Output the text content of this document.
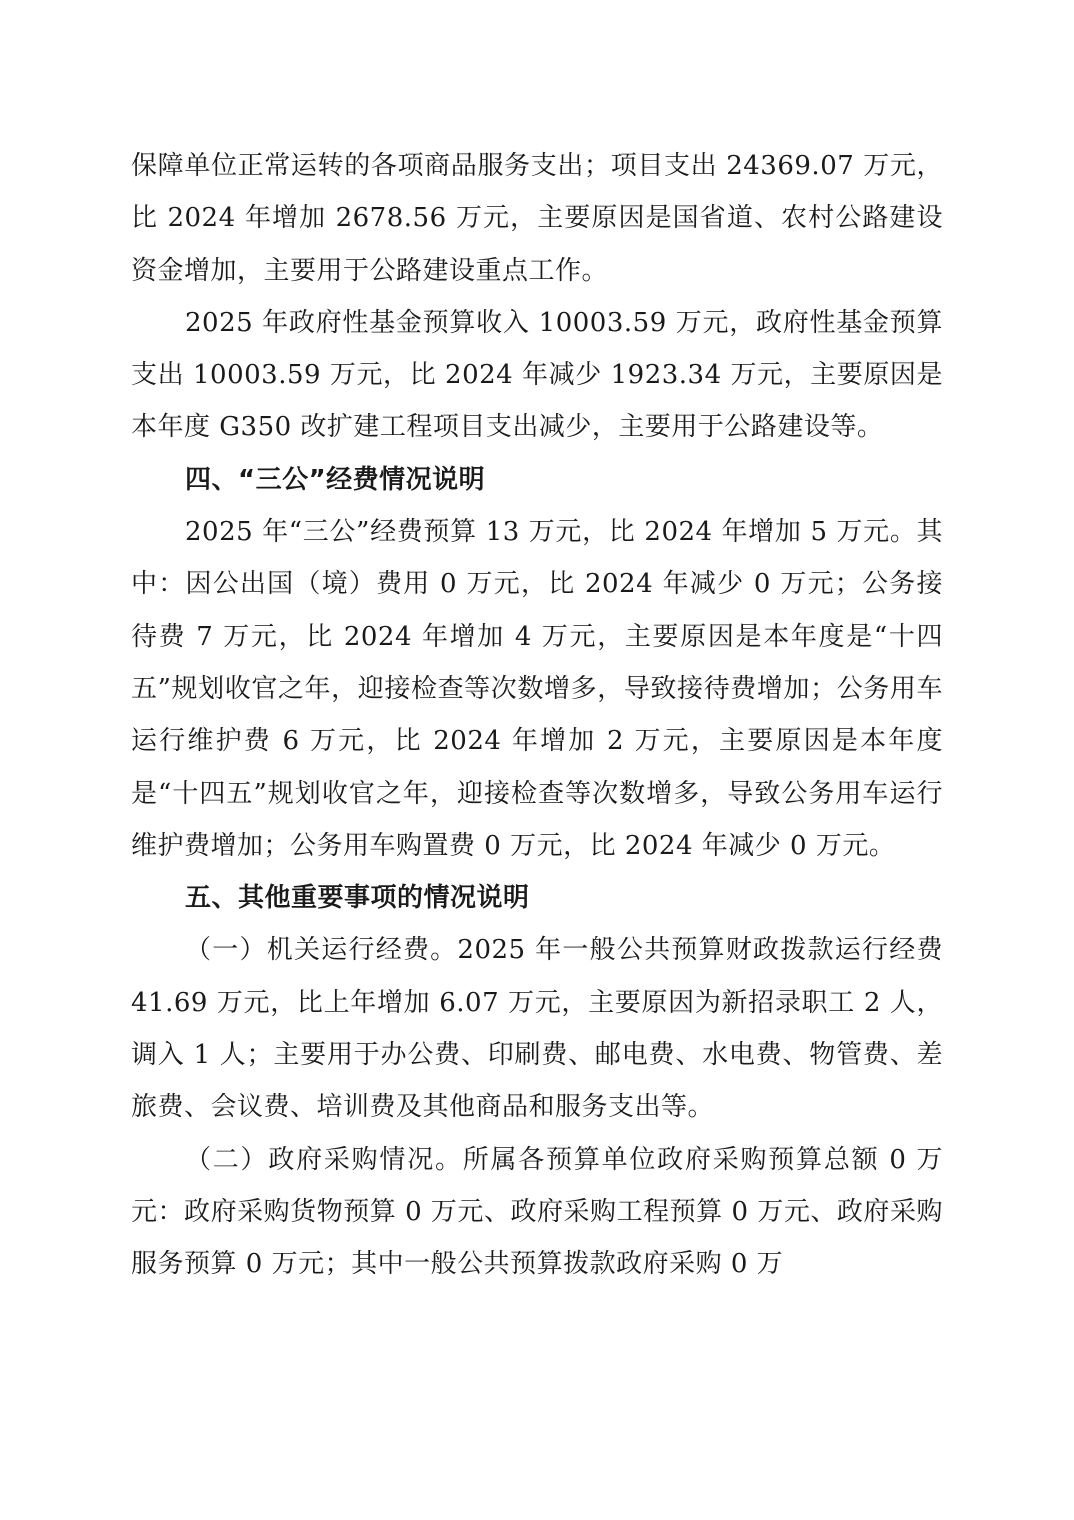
保障单位正常运转的各项商品服务支出；项目支出 24369.07 万元，比 2024 年增加 2678.56 万元，主要原因是国省道、农村公路建设资金增加，主要用于公路建设重点工作。

2025 年政府性基金预算收入 10003.59 万元，政府性基金预算支出 10003.59 万元，比 2024 年减少 1923.34 万元，主要原因是本年度 G350 改扩建工程项目支出减少，主要用于公路建设等。

四、“三公”经费情况说明

2025 年“三公”经费预算 13 万元，比 2024 年增加 5 万元。其中：因公出国（境）费用 0 万元，比 2024 年减少 0 万元；公务接待费 7 万元，比 2024 年增加 4 万元，主要原因是本年度是“十四五”规划收官之年，迎接检查等次数增多，导致接待费增加；公务用车运行维护费 6 万元，比 2024 年增加 2 万元，主要原因是本年度是“十四五”规划收官之年，迎接检查等次数增多，导致公务用车运行维护费增加；公务用车购置费 0 万元，比 2024 年减少 0 万元。

五、其他重要事项的情况说明

（一）机关运行经费。2025 年一般公共预算财政拨款运行经费 41.69 万元，比上年增加 6.07 万元，主要原因为新招录职工 2 人，调入 1 人；主要用于办公费、印刷费、邮电费、水电费、物管费、差旅费、会议费、培训费及其他商品和服务支出等。

（二）政府采购情况。所属各预算单位政府采购预算总额 0 万元：政府采购货物预算 0 万元、政府采购工程预算 0 万元、政府采购服务预算 0 万元；其中一般公共预算拨款政府采购 0 万
